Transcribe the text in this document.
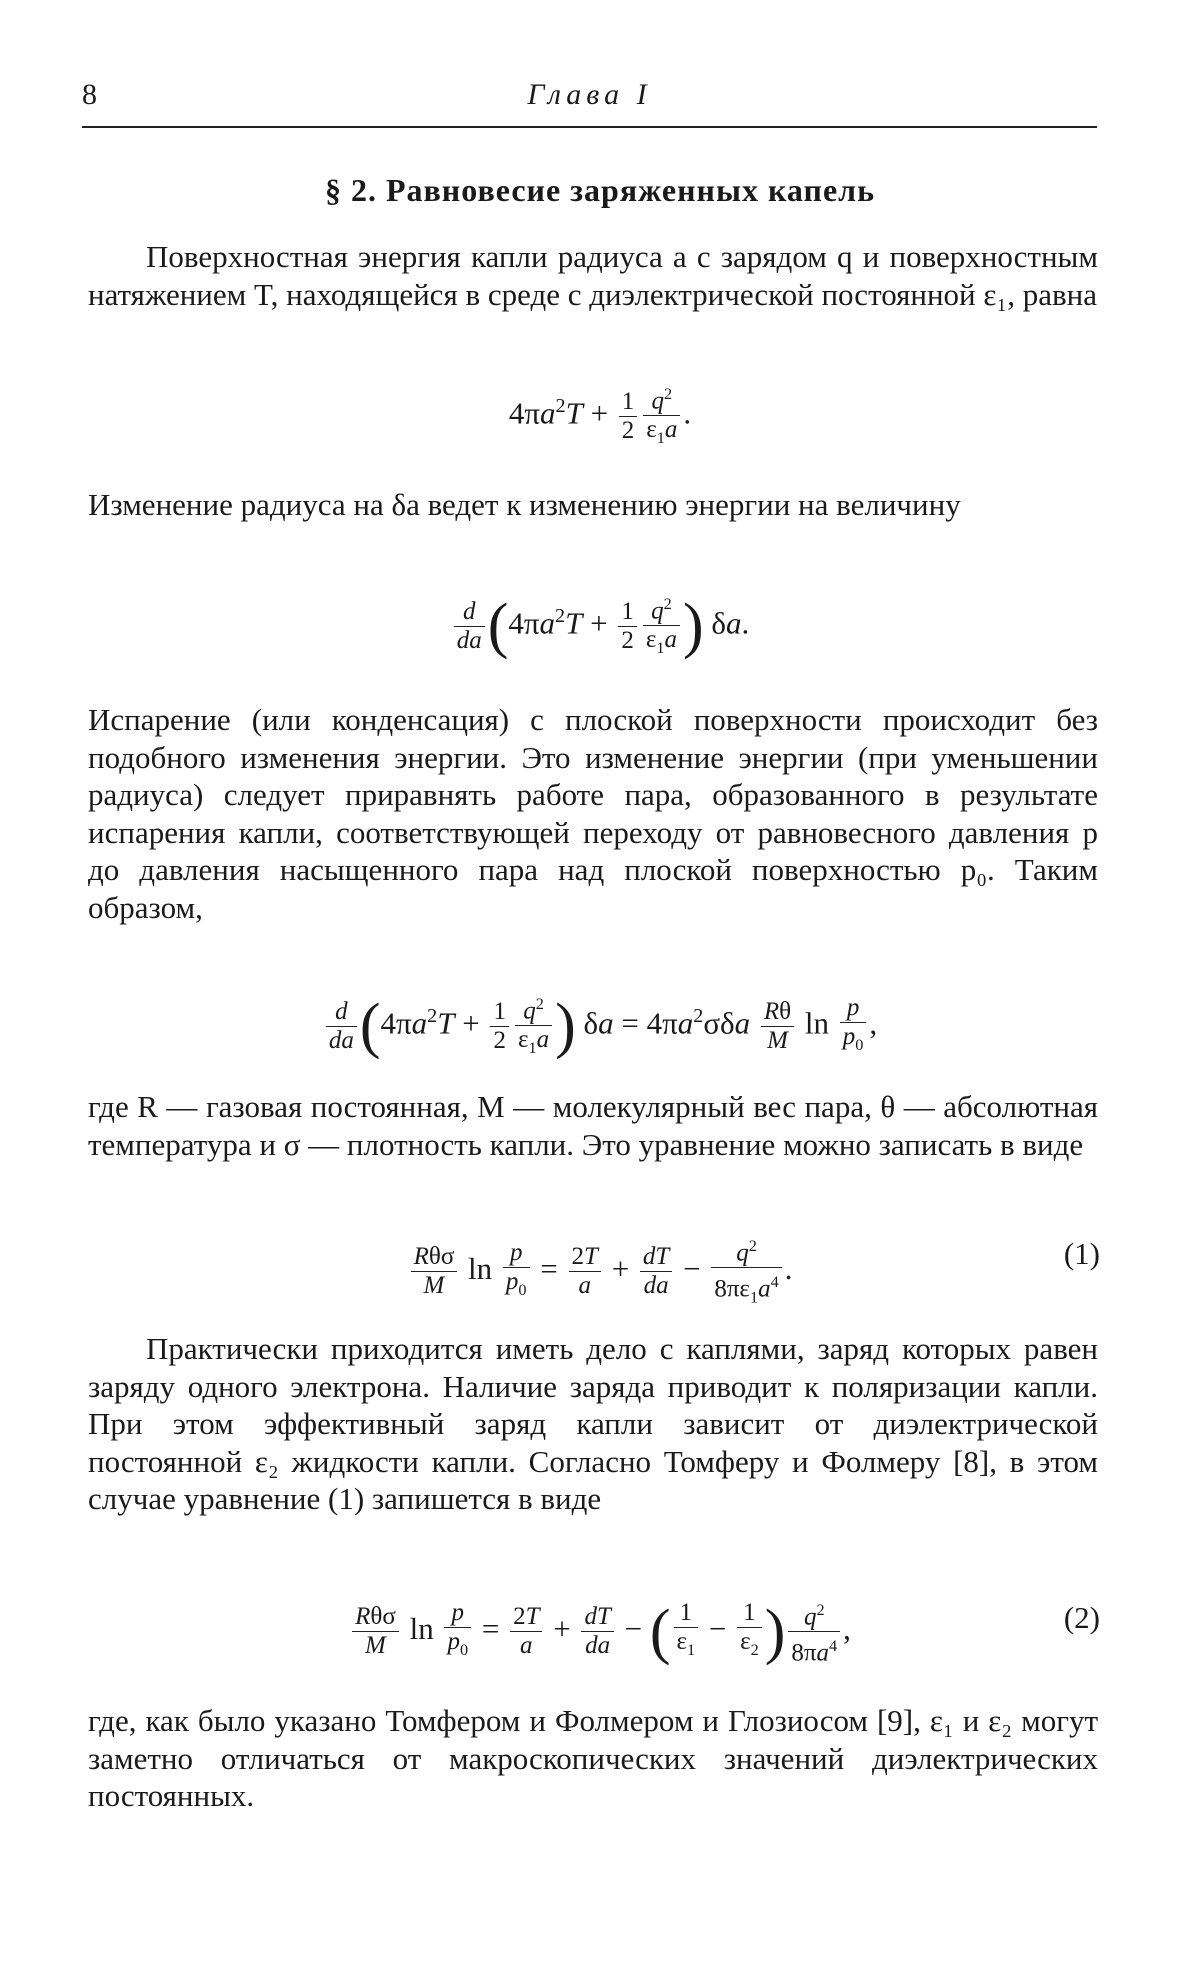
8	Глава I
§ 2. Равновесие заряженных капель

Поверхностная энергия капли радиуса a с зарядом q и поверхностным натяжением T, находящейся в среде с диэлектрической постоянной ε₁, равна

$4\pi a^2T + \frac{1}{2} \frac{q^2}{\varepsilon_1a}$ .

Изменение радиуса на δa ведет к изменению энергии на величину

$\frac{d}{da} (4\pi a^2T + \frac{1}{2} \frac{q^2}{\varepsilon_1a}$ ) δa.

Испарение (или конденсация) с плоской поверхности происходит без подобного изменения энергии. Это изменение энергии (при уменьшении радиуса) следует приравнять работе пара, образованного в результате испарения капли, соответствующей переходу от равновесного давления p до давления насыщенного пара над плоской поверхностью p₀. Таким образом,

$\frac{d}{da} (4\pi a^2T + \frac{1}{2} \frac{q^2}{\varepsilon_1a}$ ) $\delta a = 4\pi a^2\sigma\delta a \frac{R\theta}{M}$ $\ln \frac{p}{p_0}$ ,

где R — газовая постоянная, M — молекулярный вес пара, θ — абсолютная температура и σ — плотность капли. Это уравнение можно записать в виде

$\frac{\text{Rθσ}}{M}$ $\ln \frac{p}{p_0} = \frac{2T}{a} + \frac{dT}{da} - \frac{q^2}{8\pi\varepsilon_1a^4}$ .	(1)

Практически приходится иметь дело с каплями, заряд которых равен заряду одного электрона. Наличие заряда приводит к поляризации капли. При этом эффективный заряд капли зависит от диэлектрической постоянной ε₂ жидкости капли. Согласно Томферу и Фолмеру [8], в этом случае уравнение (1) запишется в виде

$\frac{\text{Rθσ}}{M}$ $\ln \frac{p}{p_0} = \frac{2T}{a} + \frac{dT}{da}$ − ( $\frac{1}{\varepsilon_1} - \frac{1}{\varepsilon_2}$ ) $\frac{q^2}{8\pi a^4}$ ,	(2)

где, как было указано Томфером и Фолмером и Глозиосом [9], ε₁ и ε₂ могут заметно отличаться от макроскопических значений диэлектрических постоянных.
